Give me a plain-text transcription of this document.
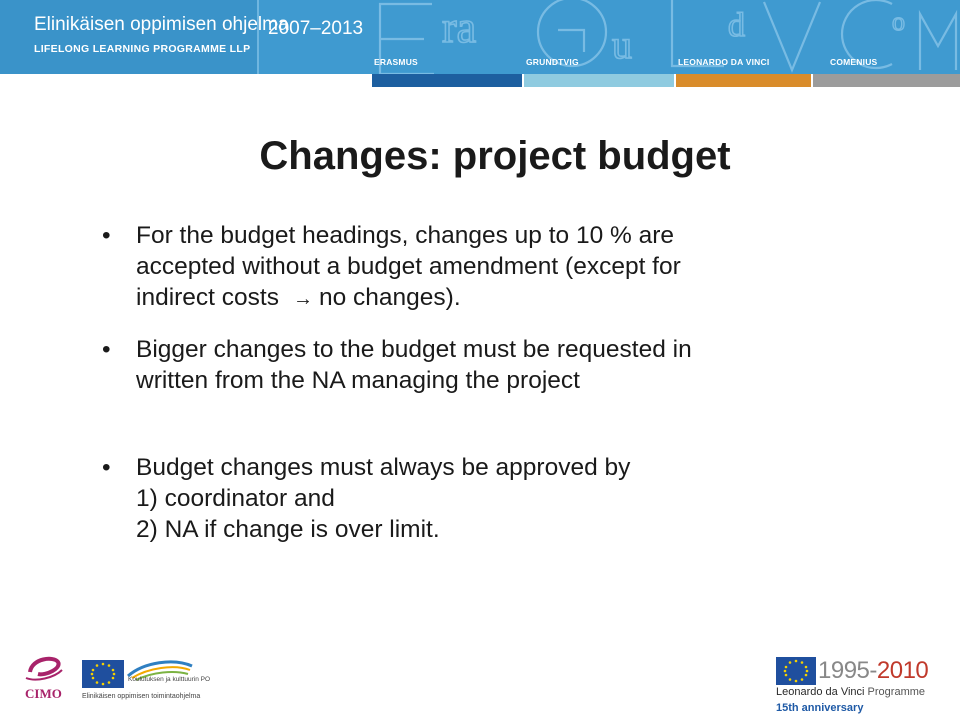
Elinikäisen oppimisen ohjelma
LIFELONG LEARNING PROGRAMME LLP
2007–2013 ra	u	d	o
ERASMUS	GRUNDTVIG	LEONARDO DA VINCI	COMENIUS
Changes: project budget
• For the budget headings, changes up to 10 % are
accepted without a budget amendment (except for
indirect costs → no changes).
• Bigger changes to the budget must be requested in
written from the NA managing the project
• Budget changes must always be approved by
1) coordinator and
2) NA if change is over limit.
CIMO
Koulutuksen ja kulttuurin PO
Elinikäisen oppimisen toimintaohjelma
1995-2010
Leonardo da Vinci Programme
15th anniversary
